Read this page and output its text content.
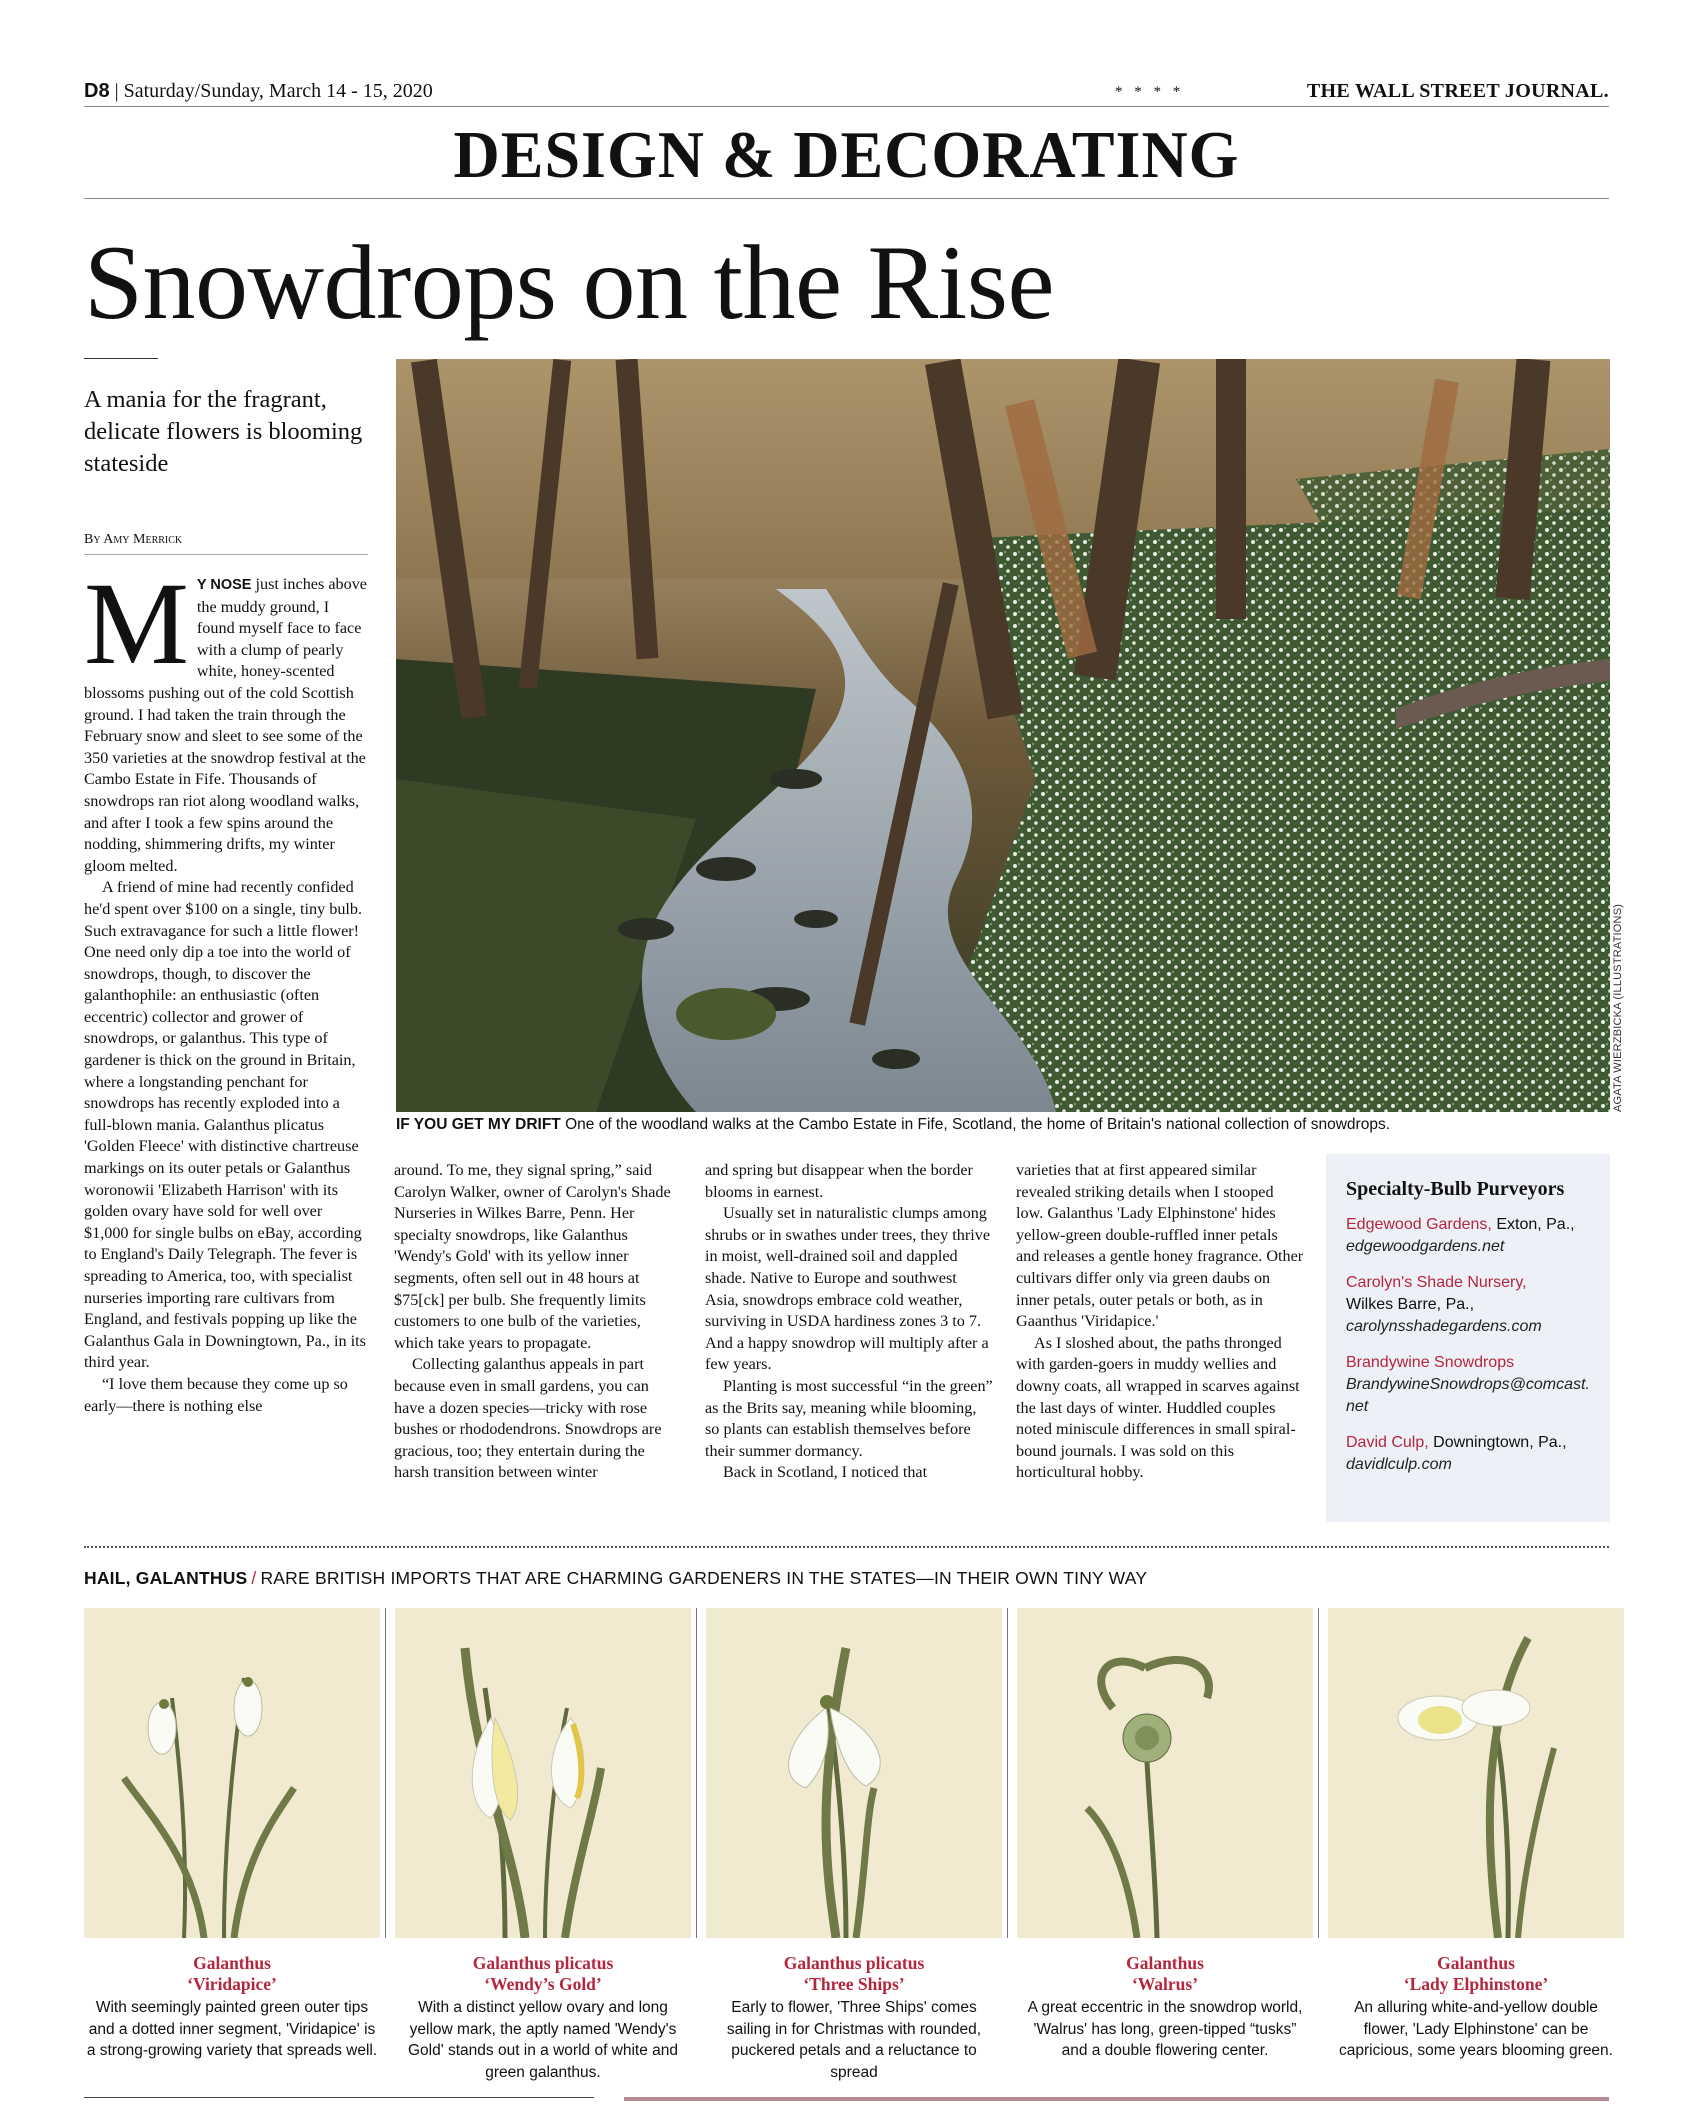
D8 | Saturday/Sunday, March 14 - 15, 2020	* * * *	THE WALL STREET JOURNAL.
DESIGN & DECORATING
Snowdrops on the Rise
A mania for the fragrant, delicate flowers is blooming stateside
By Amy Merrick

M Y NOSE just inches above the muddy ground, I found myself face to face with a clump of pearly white, honey-scented blossoms pushing out of the cold Scottish ground. I had taken the train through the February snow and sleet to see some of the 350 varieties at the snowdrop festival at the Cambo Estate in Fife. Thousands of snowdrops ran riot along woodland walks, and after I took a few spins around the nodding, shimmering drifts, my winter gloom melted.

A friend of mine had recently confided he'd spent over $100 on a single, tiny bulb. Such extravagance for such a little flower! One need only dip a toe into the world of snowdrops, though, to discover the galanthophile: an enthusiastic (often eccentric) collector and grower of snowdrops, or galanthus. This type of gardener is thick on the ground in Britain, where a longstanding penchant for snowdrops has recently exploded into a full-blown mania. Galanthus plicatus 'Golden Fleece' with distinctive chartreuse markings on its outer petals or Galanthus woronowii 'Elizabeth Harrison' with its golden ovary have sold for well over $1,000 for single bulbs on eBay, according to England's Daily Telegraph. The fever is spreading to America, too, with specialist nurseries importing rare cultivars from England, and festivals popping up like the Galanthus Gala in Downingtown, Pa., in its third year.

“I love them because they come up so early—there is nothing else

AGATA WIERZBICKA (ILLUSTRATIONS)
IF YOU GET MY DRIFT One of the woodland walks at the Cambo Estate in Fife, Scotland, the home of Britain's national collection of snowdrops.

around. To me, they signal spring,” said Carolyn Walker, owner of Carolyn's Shade Nurseries in Wilkes Barre, Penn. Her specialty snowdrops, like Galanthus 'Wendy's Gold' with its yellow inner segments, often sell out in 48 hours at $75[ck] per bulb. She frequently limits customers to one bulb of the varieties, which take years to propagate.

Collecting galanthus appeals in part because even in small gardens, you can have a dozen species—tricky with rose bushes or rhododendrons. Snowdrops are gracious, too; they entertain during the harsh transition between winter

and spring but disappear when the border blooms in earnest.

Usually set in naturalistic clumps among shrubs or in swathes under trees, they thrive in moist, well-drained soil and dappled shade. Native to Europe and southwest Asia, snowdrops embrace cold weather, surviving in USDA hardiness zones 3 to 7. And a happy snowdrop will multiply after a few years.

Planting is most successful “in the green” as the Brits say, meaning while blooming, so plants can establish themselves before their summer dormancy.

Back in Scotland, I noticed that

varieties that at first appeared similar revealed striking details when I stooped low. Galanthus 'Lady Elphinstone' hides yellow-green double-ruffled inner petals and releases a gentle honey fragrance. Other cultivars differ only via green daubs on inner petals, outer petals or both, as in Gaanthus 'Viridapice.'

As I sloshed about, the paths thronged with garden-goers in muddy wellies and downy coats, all wrapped in scarves against the last days of winter. Huddled couples noted miniscule differences in small spiral-bound journals. I was sold on this horticultural hobby.

Specialty-Bulb Purveyors
Edgewood Gardens, Exton, Pa.,
edgewoodgardens.net
Carolyn's Shade Nursery,
Wilkes Barre, Pa.,
carolynsshadegardens.com
Brandywine Snowdrops
BrandywineSnowdrops@comcast.net
David Culp, Downingtown, Pa.,
davidlculp.com
HAIL, GALANTHUS / RARE BRITISH IMPORTS THAT ARE CHARMING GARDENERS IN THE STATES—IN THEIR OWN TINY WAY
Galanthus
‘Viridapice’
With seemingly painted green outer tips and a dotted inner segment, 'Viridapice' is a strong-growing variety that spreads well.
Galanthus plicatus
‘Wendy’s Gold’
With a distinct yellow ovary and long yellow mark, the aptly named 'Wendy's Gold' stands out in a world of white and green galanthus.
Galanthus plicatus
‘Three Ships’
Early to flower, 'Three Ships' comes sailing in for Christmas with rounded, puckered petals and a reluctance to spread
Galanthus
‘Walrus’
A great eccentric in the snowdrop world, 'Walrus' has long, green-tipped “tusks” and a double flowering center.
Galanthus
‘Lady Elphinstone’
An alluring white-and-yellow double flower, 'Lady Elphinstone' can be capricious, some years blooming green.
